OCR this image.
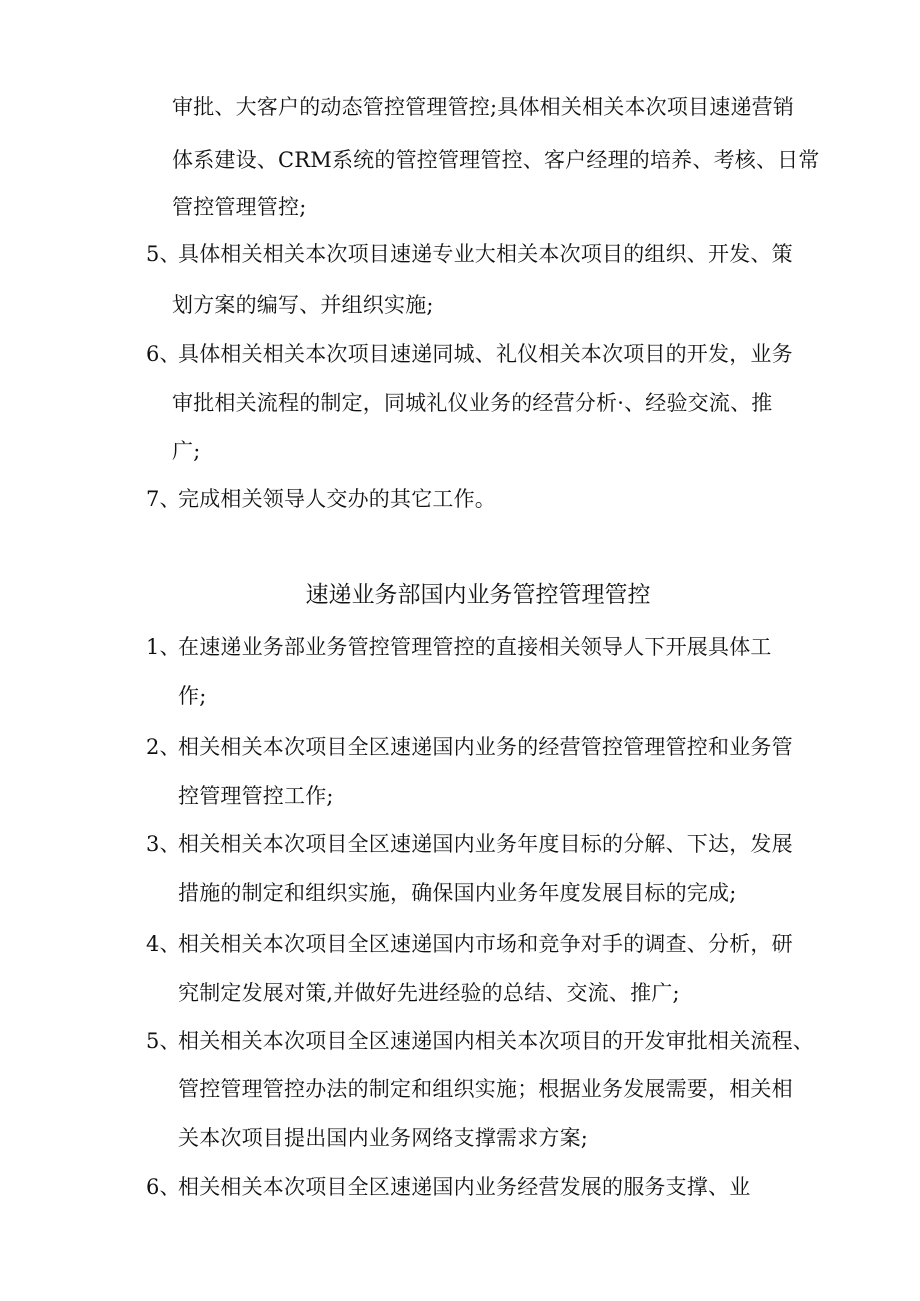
审批、大客户的动态管控管理管控;具体相关相关本次项目速递营销
体系建设、CRM系统的管控管理管控、客户经理的培养、考核、日常
管控管理管控;
5、
具体相关相关本次项目速递专业大相关本次项目的组织、开发、策
划方案的编写、并组织实施;
6、
具体相关相关本次项目速递同城、礼仪相关本次项目的开发，业务
审批相关流程的制定，同城礼仪业务的经营分析·、经验交流、推
广;
7、
完成相关领导人交办的其它工作。
速递业务部国内业务管控管理管控
1、
在速递业务部业务管控管理管控的直接相关领导人下开展具体工
作;
2、
相关相关本次项目全区速递国内业务的经营管控管理管控和业务管
控管理管控工作;
3、
相关相关本次项目全区速递国内业务年度目标的分解、下达，发展
措施的制定和组织实施，确保国内业务年度发展目标的完成;
4、
相关相关本次项目全区速递国内市场和竞争对手的调查、分析，研
究制定发展对策,并做好先进经验的总结、交流、推广;
5、
相关相关本次项目全区速递国内相关本次项目的开发审批相关流程、
管控管理管控办法的制定和组织实施；根据业务发展需要，相关相
关本次项目提出国内业务网络支撑需求方案;
6、
相关相关本次项目全区速递国内业务经营发展的服务支撑、业
